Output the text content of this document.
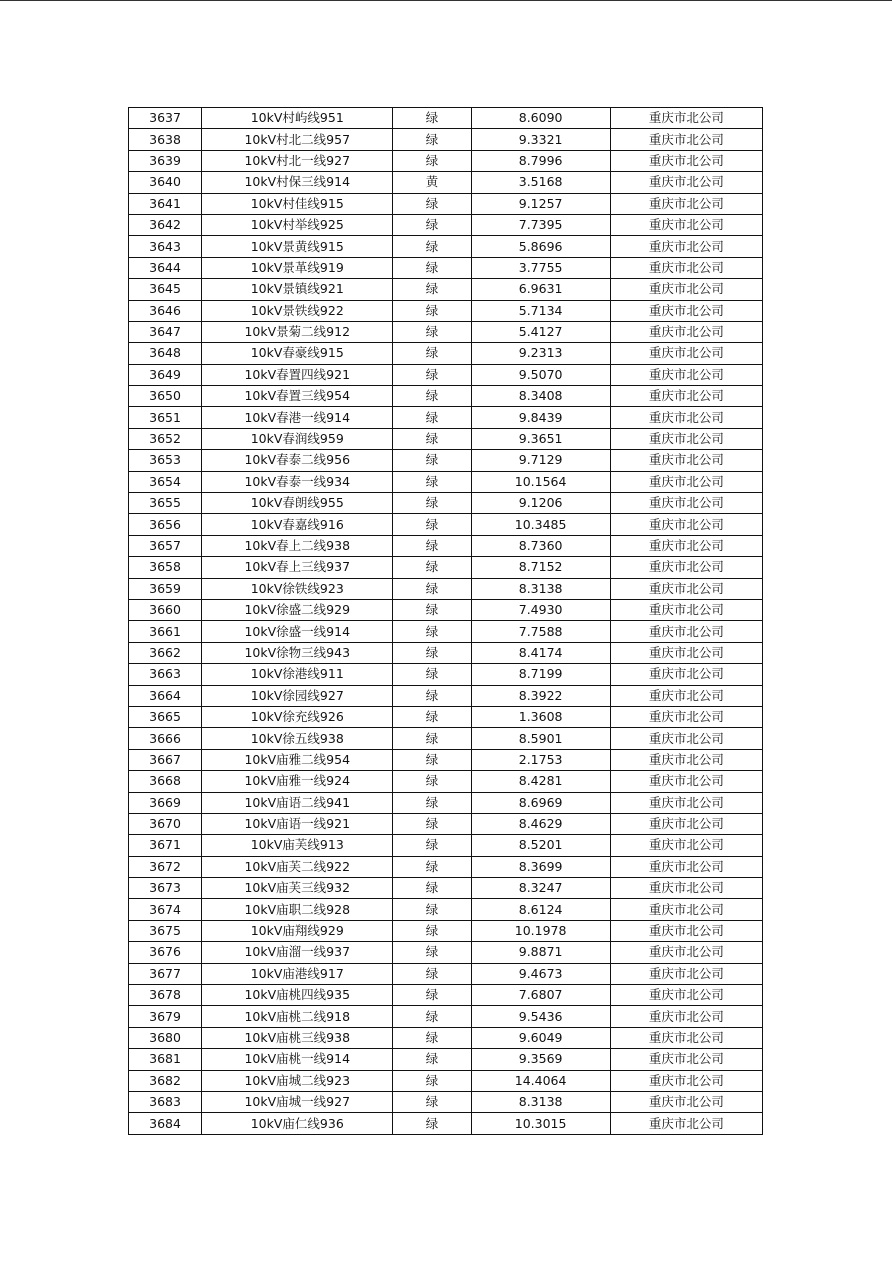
3637	10kV村屿线951	绿	8.6090	重庆市北公司
3638	10kV村北二线957	绿	9.3321	重庆市北公司
3639	10kV村北一线927	绿	8.7996	重庆市北公司
3640	10kV村保三线914	黄	3.5168	重庆市北公司
3641	10kV村佳线915	绿	9.1257	重庆市北公司
3642	10kV村举线925	绿	7.7395	重庆市北公司
3643	10kV景黄线915	绿	5.8696	重庆市北公司
3644	10kV景革线919	绿	3.7755	重庆市北公司
3645	10kV景镇线921	绿	6.9631	重庆市北公司
3646	10kV景铁线922	绿	5.7134	重庆市北公司
3647	10kV景菊二线912	绿	5.4127	重庆市北公司
3648	10kV春豪线915	绿	9.2313	重庆市北公司
3649	10kV春置四线921	绿	9.5070	重庆市北公司
3650	10kV春置三线954	绿	8.3408	重庆市北公司
3651	10kV春港一线914	绿	9.8439	重庆市北公司
3652	10kV春润线959	绿	9.3651	重庆市北公司
3653	10kV春泰二线956	绿	9.7129	重庆市北公司
3654	10kV春泰一线934	绿	10.1564	重庆市北公司
3655	10kV春朗线955	绿	9.1206	重庆市北公司
3656	10kV春嘉线916	绿	10.3485	重庆市北公司
3657	10kV春上二线938	绿	8.7360	重庆市北公司
3658	10kV春上三线937	绿	8.7152	重庆市北公司
3659	10kV徐铁线923	绿	8.3138	重庆市北公司
3660	10kV徐盛二线929	绿	7.4930	重庆市北公司
3661	10kV徐盛一线914	绿	7.7588	重庆市北公司
3662	10kV徐物三线943	绿	8.4174	重庆市北公司
3663	10kV徐港线911	绿	8.7199	重庆市北公司
3664	10kV徐园线927	绿	8.3922	重庆市北公司
3665	10kV徐充线926	绿	1.3608	重庆市北公司
3666	10kV徐五线938	绿	8.5901	重庆市北公司
3667	10kV庙雅二线954	绿	2.1753	重庆市北公司
3668	10kV庙雅一线924	绿	8.4281	重庆市北公司
3669	10kV庙语二线941	绿	8.6969	重庆市北公司
3670	10kV庙语一线921	绿	8.4629	重庆市北公司
3671	10kV庙芙线913	绿	8.5201	重庆市北公司
3672	10kV庙芙二线922	绿	8.3699	重庆市北公司
3673	10kV庙芙三线932	绿	8.3247	重庆市北公司
3674	10kV庙职二线928	绿	8.6124	重庆市北公司
3675	10kV庙翔线929	绿	10.1978	重庆市北公司
3676	10kV庙溜一线937	绿	9.8871	重庆市北公司
3677	10kV庙港线917	绿	9.4673	重庆市北公司
3678	10kV庙桃四线935	绿	7.6807	重庆市北公司
3679	10kV庙桃二线918	绿	9.5436	重庆市北公司
3680	10kV庙桃三线938	绿	9.6049	重庆市北公司
3681	10kV庙桃一线914	绿	9.3569	重庆市北公司
3682	10kV庙城二线923	绿	14.4064	重庆市北公司
3683	10kV庙城一线927	绿	8.3138	重庆市北公司
3684	10kV庙仁线936	绿	10.3015	重庆市北公司
